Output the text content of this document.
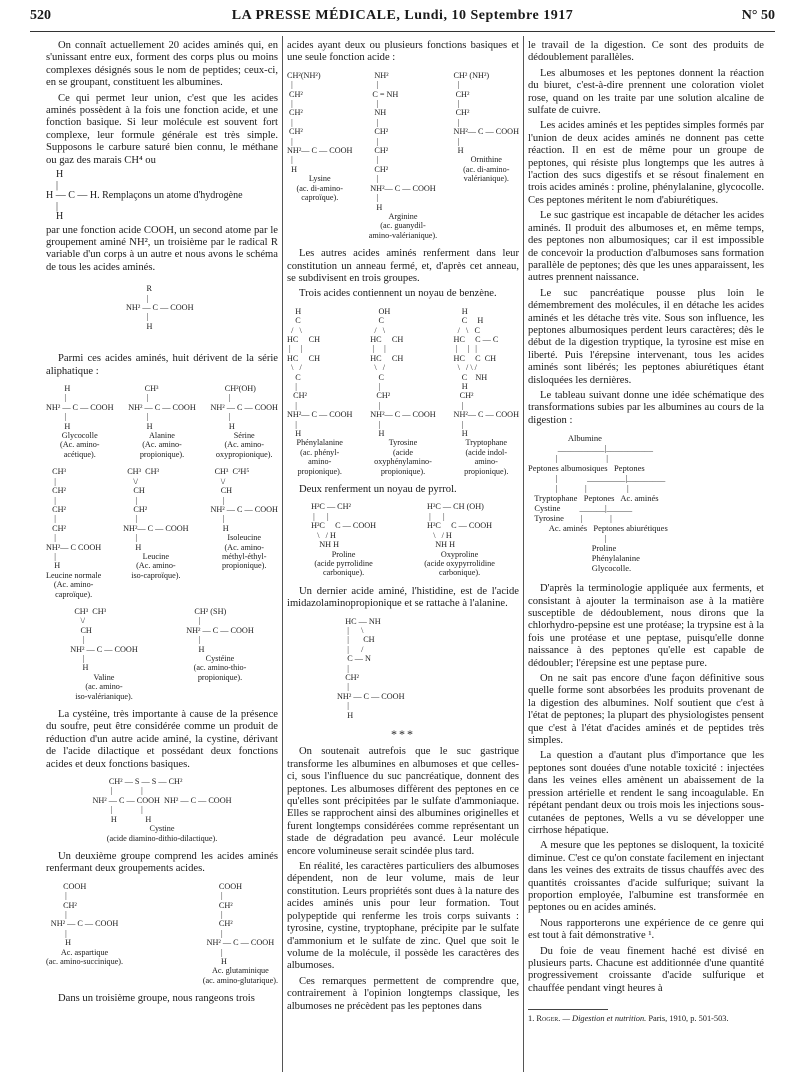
520	LA PRESSE MÉDICALE, Lundi, 10 Septembre 1917	N° 50

On connaît actuellement 20 acides aminés qui, en s'unissant entre eux, forment des corps plus ou moins complexes désignés sous le nom de peptides; ceux-ci, en se groupant, constituent les albumines.

Ce qui permet leur union, c'est que les acides aminés possèdent à la fois une fonction acide, et une fonction basique. Si leur molécule est souvent fort complexe, leur formule générale est très simple. Supposons le carbure saturé bien connu, le méthane ou gaz des marais CH⁴ ou

H
|
H — C — H. Remplaçons un atome d'hydrogène
|
H

par une fonction acide COOH, un second atome par le groupement aminé NH², un troisième par le radical R variable d'un corps à un autre et nous avons le schéma de tous les acides aminés.

R
|
NH² — C — COOH
|
H

Parmi ces acides aminés, huit dérivent de la série aliphatique :

H
|
NH² — C — COOH
|
H
Glycocolle
(Ac. amino-
acétique).
CH³
|
NH² — C — COOH
|
H
Alanine
(Ac. amino-
propionique).
CH²(OH)
|
NH² — C — COOH
|
H
Sérine
(Ac. amino-
oxypropionique).
CH³
|
CH²
|
CH²
|
CH²
|
NH²— C COOH
|
H
Leucine normale
(Ac. amino-
caproïque).
CH³  CH³
\/
CH
|
CH²
|
NH²— C — COOH
|
H
Leucine
(Ac. amino-
iso-caproïque).
CH³  C²H⁵
\/
CH
|
NH² — C — COOH
|
H
Isoleucine
(Ac. amino-
méthyl-éthyl-
propionique).
CH³  CH³
\/
CH
|
NH² — C — COOH
|
H
Valine
(ac. amino-
iso-valérianique).
CH² (SH)
|
NH² — C — COOH
|
H
Cystéine
(ac. amino-thio-
propionique).

La cystéine, très importante à cause de la présence du soufre, peut être considérée comme un produit de réduction d'un autre acide aminé, la cystine, dérivant de l'acide dilactique et possédant deux fonctions acides et deux fonctions basiques.

CH² — S — S — CH²
|              |
NH² — C — COOH  NH² — C — COOH
|              |
H              H
Cystine
(acide diamino-dithio-dilactique).

Un deuxième groupe comprend les acides aminés renfermant deux groupements acides.

COOH
|
CH²
|
NH² — C — COOH
|
H
Ac. aspartique
(ac. amino-succinique).
COOH
|
CH²
|
CH²
|
NH² — C — COOH
|
H
Ac. glutaminique
(ac. amino-glutarique).

Dans un troisième groupe, nous rangeons trois

acides ayant deux ou plusieurs fonctions basiques et une seule fonction acide :

CH²(NH²)
|
CH²
|
CH²
|
CH²
|
NH²— C — COOH
|
H
Lysine
(ac. di-amino-
caproïque).
NH²
|
C = NH
|
NH
|
CH²
|
CH²
|
CH²
|
NH²— C — COOH
|
H
Arginine
(ac. guanydil-
amino-valérianique).
CH² (NH²)
|
CH²
|
CH²
|
NH²— C — COOH
|
H
Ornithine
(ac. di-amino-
valérianique).

Les autres acides aminés renferment dans leur constitution un anneau fermé, et, d'après cet anneau, se subdivisent en trois groupes.

Trois acides contiennent un noyau de benzène.

H
C
/   \
HC     CH
|     |
HC     CH
\   /
C
|
CH²
|
NH²— C — COOH
|
H
Phénylalanine
(ac. phényl-
amino-
propionique).
OH
C
/   \
HC     CH
|     |
HC     CH
\   /
C
|
CH²
|
NH²— C — COOH
|
H
Tyrosine
(acide
oxyphénylamino-
propionique).
H
C     H
/   \   C
HC     C — C
|     |   |
HC     C  CH
\   / \ /
C    NH
H
CH²
|
NH²— C — COOH
|
H
Tryptophane
(acide indol-
amino-
propionique).

Deux renferment un noyau de pyrrol.

H²C — CH²
|      |
H²C     C — COOH
\   / H
NH H
Proline
(acide pyrrolidine
carbonique).
H²C — CH (OH)
|      |
H²C     C — COOH
\   / H
NH H
Oxyproline
(acide oxypyrrolidine
carbonique).

Un dernier acide aminé, l'histidine, est de l'acide imidazolaminopropionique et se rattache à l'alanine.

HC — NH
|      \
|       CH
|      /
C — N
|
CH²
|
NH² — C — COOH
|
H
***

On soutenait autrefois que le suc gastrique transforme les albumines en albumoses et que celles-ci, sous l'influence du suc pancréatique, donnent des peptones. Les albumoses diffèrent des peptones en ce qu'elles sont précipitées par le sulfate d'ammoniaque. Elles se rapprochent ainsi des albumines originelles et furent longtemps considérées comme représentant un stade de dégradation peu avancé. Leur molécule encore volumineuse serait scindée plus tard.

En réalité, les caractères particuliers des albumoses dépendent, non de leur volume, mais de leur constitution. Leurs propriétés sont dues à la nature des acides aminés unis pour leur formation. Tout polypeptide qui renferme les trois corps suivants : tyrosine, cystine, tryptophane, précipite par le sulfate d'ammonium et le sulfate de zinc. Quel que soit le volume de la molécule, il possède les caractères des albumoses.

Ces remarques permettent de comprendre que, contrairement à l'opinion longtemps classique, les albumoses ne précèdent pas les peptones dans

le travail de la digestion. Ce sont des produits de dédoublement parallèles.

Les albumoses et les peptones donnent la réaction du biuret, c'est-à-dire prennent une coloration violet rose, quand on les traite par une solution alcaline de sulfate de cuivre.

Les acides aminés et les peptides simples formés par l'union de deux acides aminés ne donnent pas cette réaction. Il en est de même pour un groupe de peptones, qui résiste plus longtemps que les autres à l'action des sucs digestifs et se résout finalement en trois acides aminés : proline, phénylalanine, glycocolle. Ces peptones méritent le nom d'abiurétiques.

Le suc gastrique est incapable de détacher les acides aminés. Il produit des albumoses et, en même temps, des peptones non albumosiques; car il est impossible de concevoir la production d'albumoses sans formation parallèle de peptones; dès que les unes apparaissent, les autres prennent naissance.

Le suc pancréatique pousse plus loin le démembrement des molécules, il en détache les acides aminés et les détache très vite. Sous son influence, les peptones albumosiques perdent leurs caractères; dès le début de la digestion tryptique, la tyrosine est mise en liberté. Puis l'érepsine intervenant, tous les acides aminés sont libérés; les peptones abiurétiques étant disloquées les dernières.

Le tableau suivant donne une idée schématique des transformations subies par les albumines au cours de la digestion :

Albumine
___________|___________
|                       |
Peptones albumosiques Peptones
|              _________|_________
|             |                   |
Tryptophane Peptones Ac. aminés
Cystine         ______|______
Tyrosine        |             |
Ac. aminés Peptones abiurétiques
|
Proline
Phénylalanine
Glycocolle.

D'après la terminologie appliquée aux ferments, et consistant à ajouter la terminaison ase à la matière susceptible de dédoublement, nous dirons que la chlorhydro-pepsine est une protéase; la trypsine est à la fois une protéase et une peptase, puisqu'elle donne naissance à des peptones qu'elle est capable de dédoubler; l'érepsine est une peptase pure.

On ne sait pas encore d'une façon définitive sous quelle forme sont absorbées les produits provenant de la digestion des albumines. Nolf soutient que c'est à l'état de peptones; la plupart des physiologistes pensent que c'est à l'état d'acides aminés et de peptides très simples.

La question a d'autant plus d'importance que les peptones sont douées d'une notable toxicité : injectées dans les veines elles amènent un abaissement de la pression artérielle et rendent le sang incoagulable. En répétant pendant deux ou trois mois les injections sous-cutanées de peptones, Wells a vu se développer une cirrhose hépatique.

A mesure que les peptones se disloquent, la toxicité diminue. C'est ce qu'on constate facilement en injectant dans les veines des extraits de tissus chauffés avec des quantités croissantes d'acide sulfurique; suivant la proportion employée, l'albumine est transformée en peptones ou en acides aminés.

Nous rapporterons une expérience de ce genre qui est tout à fait démonstrative ¹.

Du foie de veau finement haché est divisé en plusieurs parts. Chacune est additionnée d'une quantité progressivement croissante d'acide sulfurique et chauffée pendant vingt heures à

1. Roger. — Digestion et nutrition. Paris, 1910, p. 501-503.
